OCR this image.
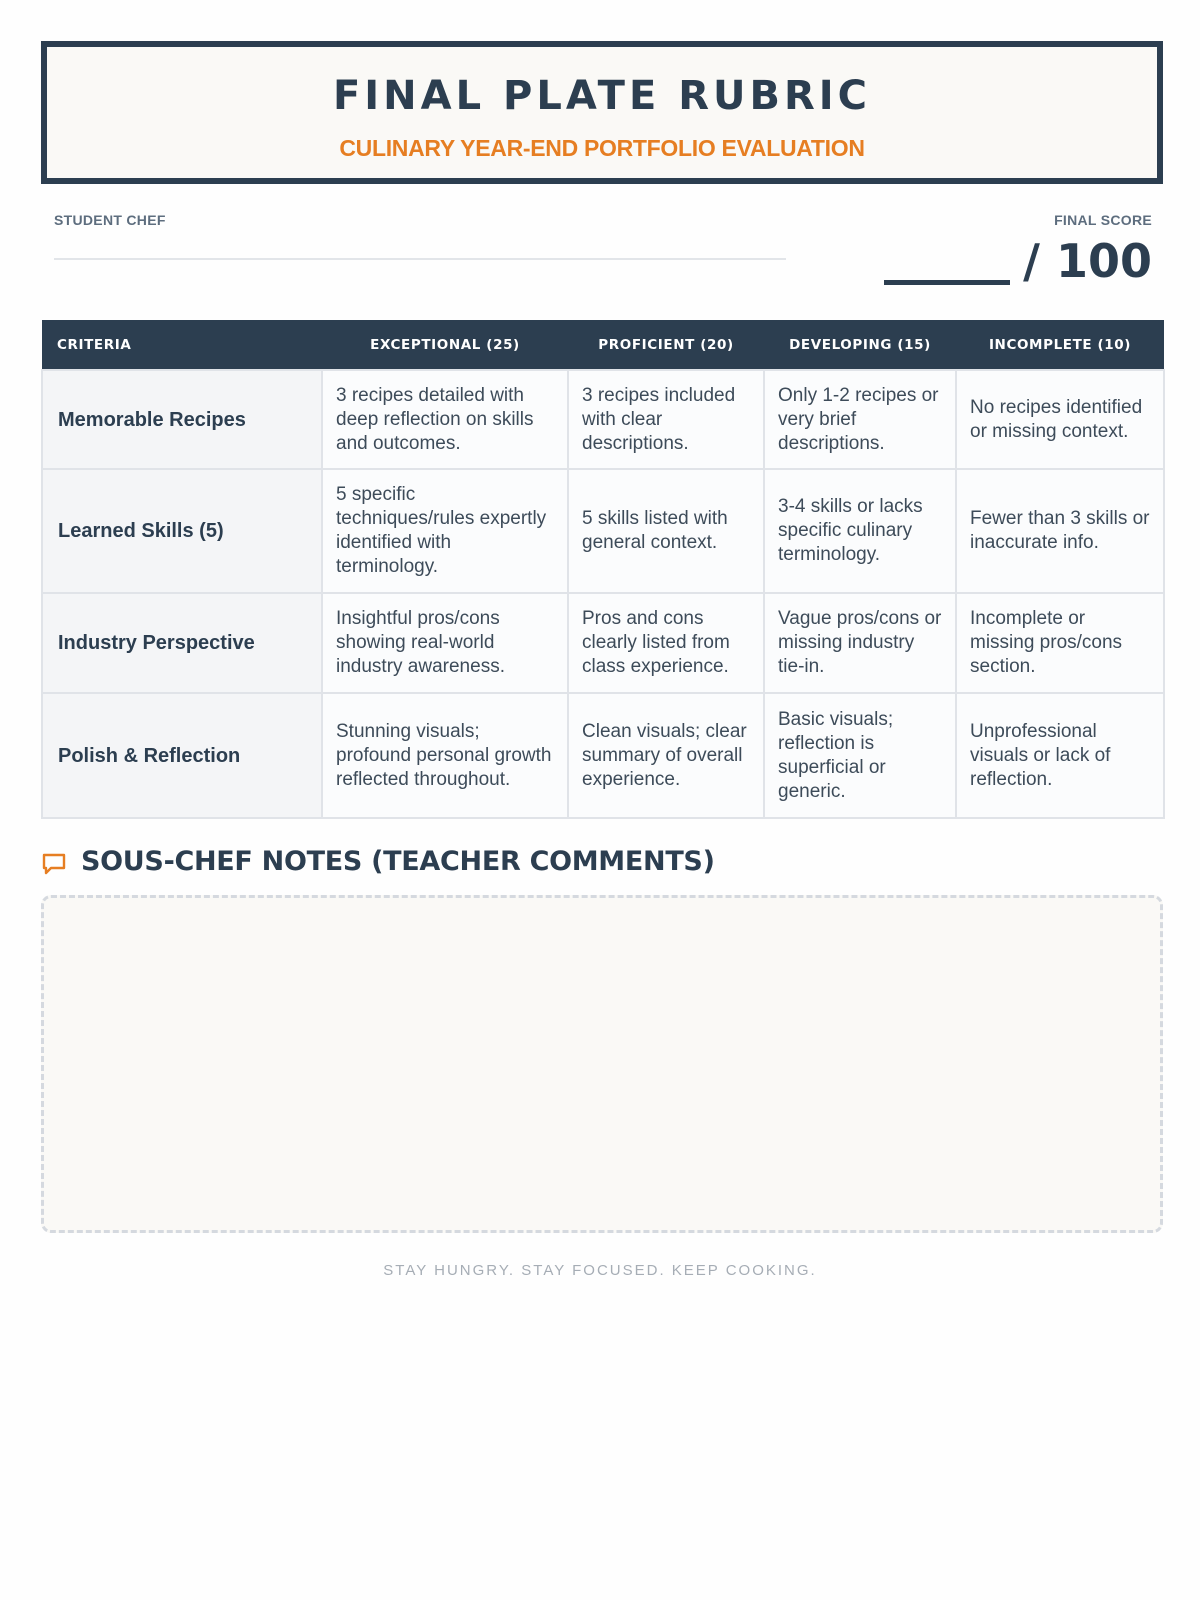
FINAL PLATE RUBRIC
CULINARY YEAR-END PORTFOLIO EVALUATION
STUDENT CHEF	FINAL SCORE
/ 100
CRITERIA	EXCEPTIONAL (25)	PROFICIENT (20)	DEVELOPING (15)	INCOMPLETE (10)
Memorable Recipes	3 recipes detailed with deep reflection on skills and outcomes.	3 recipes included with clear descriptions.	Only 1-2 recipes or very brief descriptions.	No recipes identified or missing context.
Learned Skills (5)	5 specific techniques/rules expertly identified with terminology.	5 skills listed with general context.	3-4 skills or lacks specific culinary terminology.	Fewer than 3 skills or inaccurate info.
Industry Perspective	Insightful pros/cons showing real-world industry awareness.	Pros and cons clearly listed from class experience.	Vague pros/cons or missing industry tie-in.	Incomplete or missing pros/cons section.
Polish & Reflection	Stunning visuals; profound personal growth reflected throughout.	Clean visuals; clear summary of overall experience.	Basic visuals; reflection is superficial or generic.	Unprofessional visuals or lack of reflection.
SOUS-CHEF NOTES (TEACHER COMMENTS)
STAY HUNGRY. STAY FOCUSED. KEEP COOKING.
